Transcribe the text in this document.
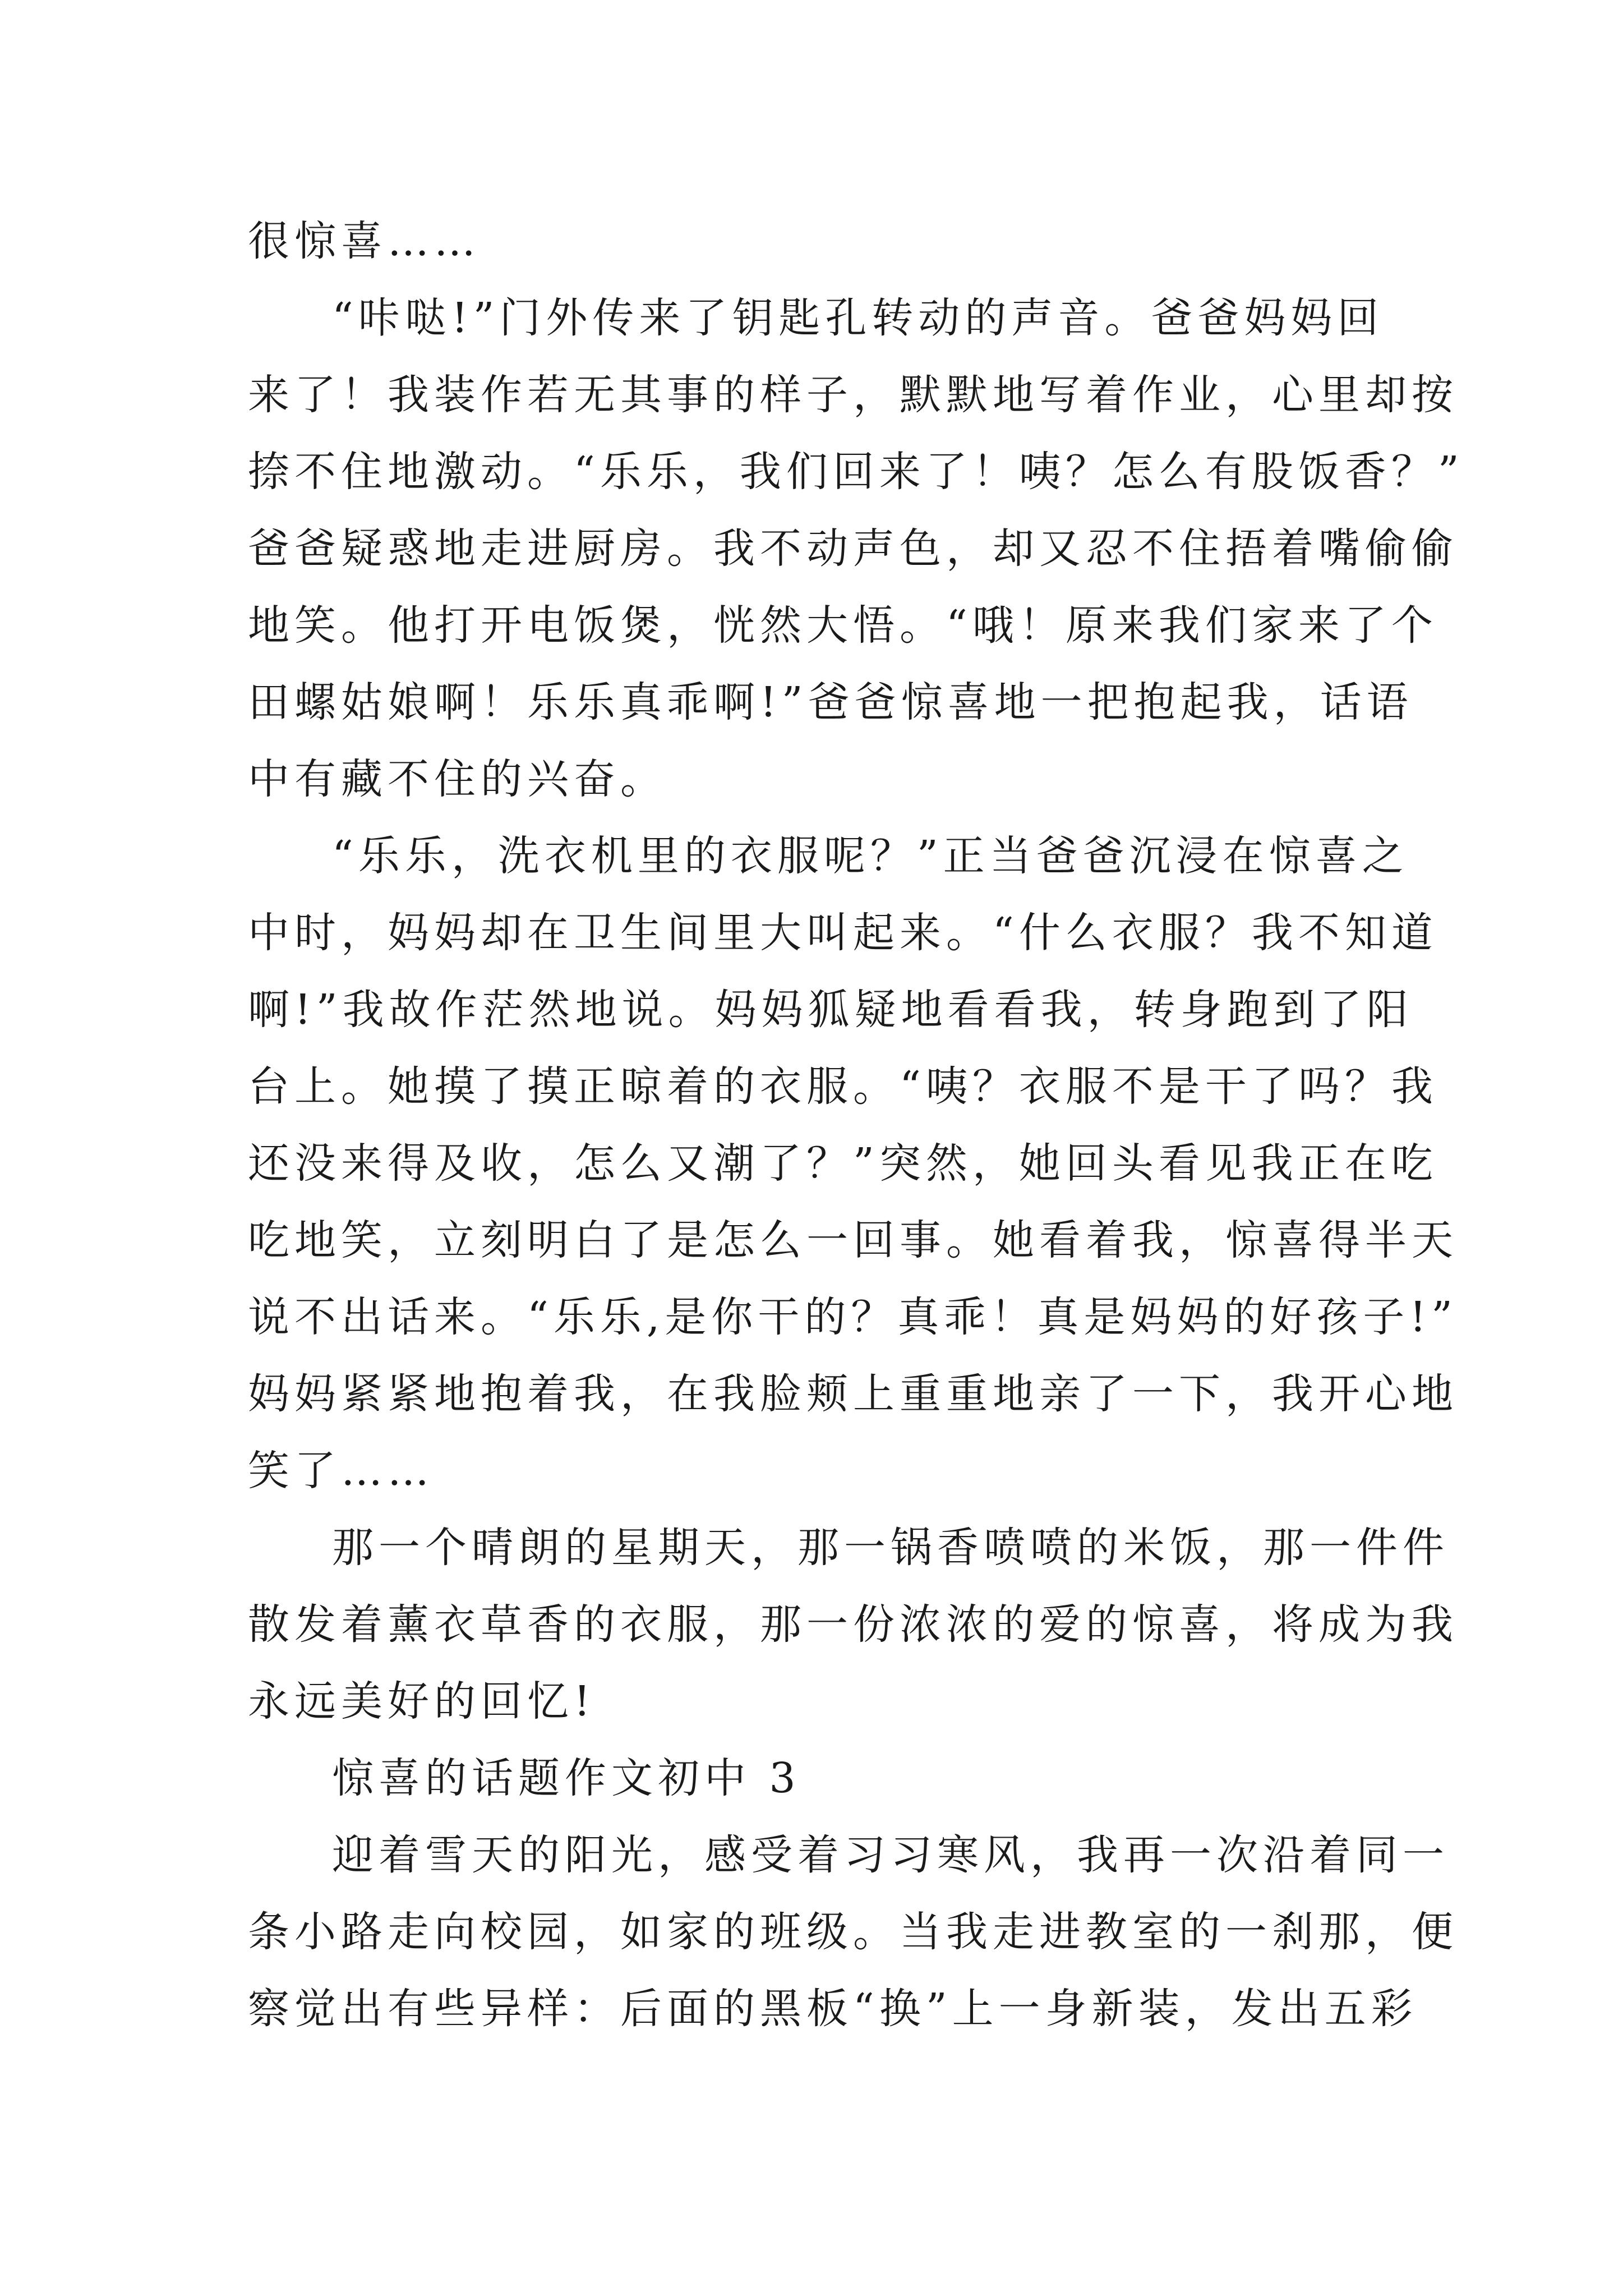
很惊喜……

“咔哒!”门外传来了钥匙孔转动的声音。爸爸妈妈回

来了！我装作若无其事的样子，默默地写着作业，心里却按

捺不住地激动。“乐乐，我们回来了！咦？怎么有股饭香？”

爸爸疑惑地走进厨房。我不动声色，却又忍不住捂着嘴偷偷

地笑。他打开电饭煲，恍然大悟。“哦！原来我们家来了个

田螺姑娘啊！乐乐真乖啊!”爸爸惊喜地一把抱起我，话语

中有藏不住的兴奋。

“乐乐，洗衣机里的衣服呢？”正当爸爸沉浸在惊喜之

中时，妈妈却在卫生间里大叫起来。“什么衣服？我不知道

啊!”我故作茫然地说。妈妈狐疑地看看我，转身跑到了阳

台上。她摸了摸正晾着的衣服。“咦？衣服不是干了吗？我

还没来得及收，怎么又潮了？”突然，她回头看见我正在吃

吃地笑，立刻明白了是怎么一回事。她看着我，惊喜得半天

说不出话来。“乐乐,是你干的？真乖！真是妈妈的好孩子!”

妈妈紧紧地抱着我，在我脸颊上重重地亲了一下，我开心地

笑了……

那一个晴朗的星期天，那一锅香喷喷的米饭，那一件件

散发着薰衣草香的衣服，那一份浓浓的爱的惊喜，将成为我

永远美好的回忆!

惊喜的话题作文初中 3

迎着雪天的阳光，感受着习习寒风，我再一次沿着同一

条小路走向校园，如家的班级。当我走进教室的一刹那，便

察觉出有些异样：后面的黑板“换”上一身新装，发出五彩
